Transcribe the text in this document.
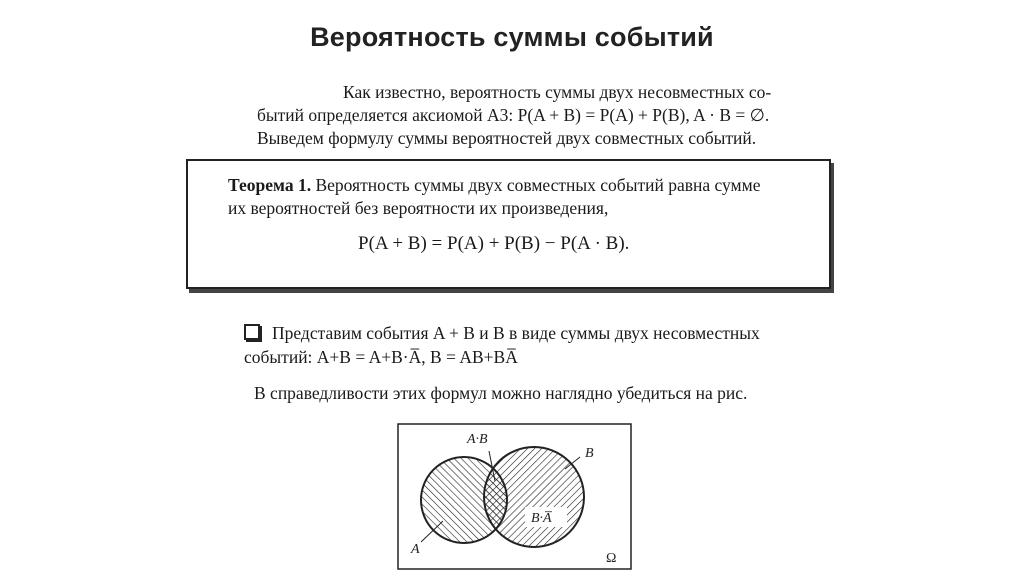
Вероятность суммы событий
Как известно, вероятность суммы двух несовместных со-
бытий определяется аксиомой А3: P(A + B) = P(A) + P(B), A · B = ∅.
Выведем формулу суммы вероятностей двух совместных событий.
Теорема 1. Вероятность суммы двух совместных событий равна сумме
их вероятностей без вероятности их произведения,
P(A + B) = P(A) + P(B) − P(A · B).
Представим события A + B и B в виде суммы двух несовместных
событий: A+B = A+B·A̅, B = AB+BA̅
В справедливости этих формул можно наглядно убедиться на рис.
A·B
B
A
B·A̅
Ω
